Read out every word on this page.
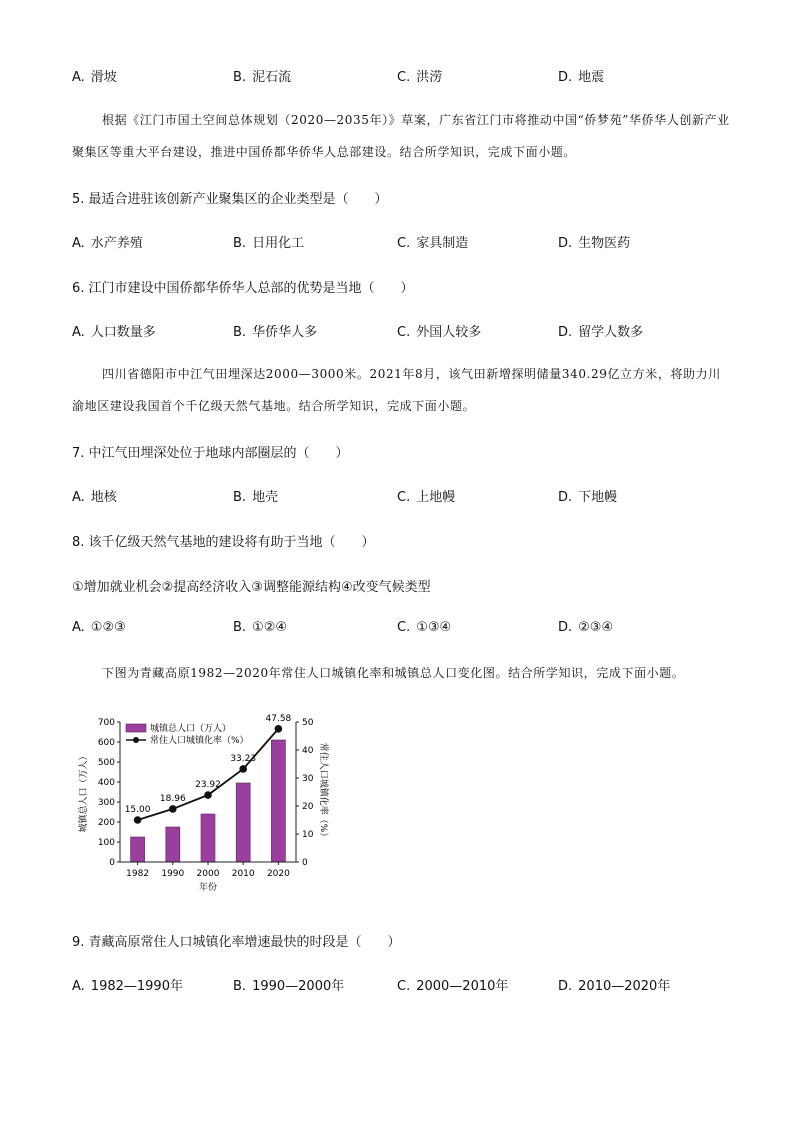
A. 滑坡	B. 泥石流	C. 洪涝	D. 地震

根据《江门市国土空间总体规划（2020—2035年）》草案，广东省江门市将推动中国“侨梦苑”华侨华人创新产业聚集区等重大平台建设，推进中国侨都华侨华人总部建设。结合所学知识，完成下面小题。

5. 最适合进驻该创新产业聚集区的企业类型是（　　）
A. 水产养殖	B. 日用化工	C. 家具制造	D. 生物医药
6. 江门市建设中国侨都华侨华人总部的优势是当地（　　）
A. 人口数量多	B. 华侨华人多	C. 外国人较多	D. 留学人数多

四川省德阳市中江气田埋深达2000—3000米。2021年8月，该气田新增探明储量340.29亿立方米，将助力川渝地区建设我国首个千亿级天然气基地。结合所学知识，完成下面小题。

7. 中江气田埋深处位于地球内部圈层的（　　）
A. 地核	B. 地壳	C. 上地幔	D. 下地幔
8. 该千亿级天然气基地的建设将有助于当地（　　）
①增加就业机会②提高经济收入③调整能源结构④改变气候类型
A. ①②③	B. ①②④	C. ①③④	D. ②③④

下图为青藏高原1982—2020年常住人口城镇化率和城镇总人口变化图。结合所学知识，完成下面小题。

15.00
18.96
23.92
33.23
47.58
0
100
200
300
400
500
600
700
0
10
20
30
40
50
1982 1990 2000 2010 2020
城镇总人口（万人）	常住人口城镇化率（%）
年份
城镇总人口（万人）
常住人口城镇化率（%）
9. 青藏高原常住人口城镇化率增速最快的时段是（　　）
A. 1982—1990年	B. 1990—2000年	C. 2000—2010年	D. 2010—2020年
